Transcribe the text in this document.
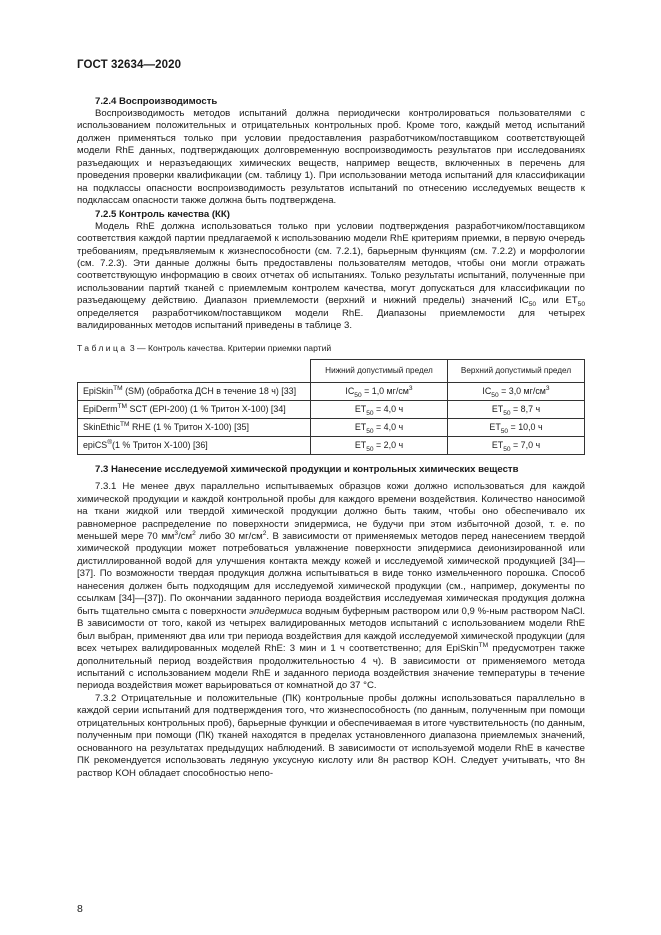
ГОСТ 32634—2020
7.2.4 Воспроизводимость

Воспроизводимость методов испытаний должна периодически контролироваться пользователями с использованием положительных и отрицательных контрольных проб. Кроме того, каждый метод испытаний должен применяться только при условии предоставления разработчиком/поставщиком соответствующей модели RhE данных, подтверждающих долговременную воспроизводимость результатов при исследованиях разъедающих и неразъедающих химических веществ, например веществ, включенных в перечень для проведения проверки квалификации (см. таблицу 1). При использовании метода испытаний для классификации на подклассы опасности воспроизводимость результатов испытаний по отнесению исследуемых веществ к подклассам опасности также должна быть подтверждена.

7.2.5 Контроль качества (КК)

Модель RhE должна использоваться только при условии подтверждения разработчиком/поставщиком соответствия каждой партии предлагаемой к использованию модели RhE критериям приемки, в первую очередь требованиям, предъявляемым к жизнеспособности (см. 7.2.1), барьерным функциям (см. 7.2.2) и морфологии (см. 7.2.3). Эти данные должны быть предоставлены пользователям методов, чтобы они могли отражать соответствующую информацию в своих отчетах об испытаниях. Только результаты испытаний, полученные при использовании партий тканей с приемлемым контролем качества, могут допускаться для классификации по разъедающему действию. Диапазон приемлемости (верхний и нижний пределы) значений $IC_{50}$ или $ET_{50}$ определяется разработчиком/поставщиком модели RhE. Диапазоны приемлемости для четырех валидированных методов испытаний приведены в таблице 3.

Таблица 3 — Контроль качества. Критерии приемки партий
	Нижний допустимый предел	Верхний допустимый предел
EpiSkin™ (SM) (обработка ДСН в течение 18 ч) [33]	$IC_{50} = 1,0$ $мг/см^3$	$IC_{50} = 3,0$ $мг/см^3$
EpiDerm™ SCT (EPI-200) (1 % Тритон X-100) [34]	$ET_{50} = 4,0$ ч	$ET_{50} = 8,7$ ч
SkinEthic™ RHE (1 % Тритон X-100) [35]	$ET_{50} = 4,0$ ч	$ET_{50} = 10,0$ ч
epiCS®(1 % Тритон X-100) [36]	$ET_{50} = 2,0$ ч	$ET_{50} = 7,0$ ч
7.3 Нанесение исследуемой химической продукции и контрольных химических веществ

7.3.1 Не менее двух параллельно испытываемых образцов кожи должно использоваться для каждой химической продукции и каждой контрольной пробы для каждого времени воздействия. Количество наносимой на ткани жидкой или твердой химической продукции должно быть таким, чтобы оно обеспечивало их равномерное распределение по поверхности эпидермиса, не будучи при этом избыточной дозой, т. е. по меньшей мере 70 $мм^3/см^2$ либо 30 $мг/см^2$. В зависимости от применяемых методов перед нанесением твердой химической продукции может потребоваться увлажнение поверхности эпидермиса деионизированной или дистиллированной водой для улучшения контакта между кожей и исследуемой химической продукцией [34]—[37]. По возможности твердая продукция должна испытываться в виде тонко измельченного порошка. Способ нанесения должен быть подходящим для исследуемой химической продукции (см., например, документы по ссылкам [34]—[37]). По окончании заданного периода воздействия исследуемая химическая продукция должна быть тщательно смыта с поверхности эпидермиса водным буферным раствором или 0,9 %-ным раствором NaCl. В зависимости от того, какой из четырех валидированных методов испытаний с использованием модели RhE был выбран, применяют два или три периода воздействия для каждой исследуемой химической продукции (для всех четырех валидированных моделей RhE: 3 мин и 1 ч соответственно; для EpiSkin™ предусмотрен также дополнительный период воздействия продолжительностью 4 ч). В зависимости от применяемого метода испытаний с использованием модели RhE и заданного периода воздействия значение температуры в течение периода воздействия может варьироваться от комнатной до 37 °C.

7.3.2 Отрицательные и положительные (ПК) контрольные пробы должны использоваться параллельно в каждой серии испытаний для подтверждения того, что жизнеспособность (по данным, полученным при помощи отрицательных контрольных проб), барьерные функции и обеспечиваемая в итоге чувствительность (по данным, полученным при помощи (ПК) тканей находятся в пределах установленного диапазона приемлемых значений, основанного на результатах предыдущих наблюдений. В зависимости от используемой модели RhE в качестве ПК рекомендуется использовать ледяную уксусную кислоту или 8н раствор KOH. Следует учитывать, что 8н раствор KOH обладает способностью непо-

8
